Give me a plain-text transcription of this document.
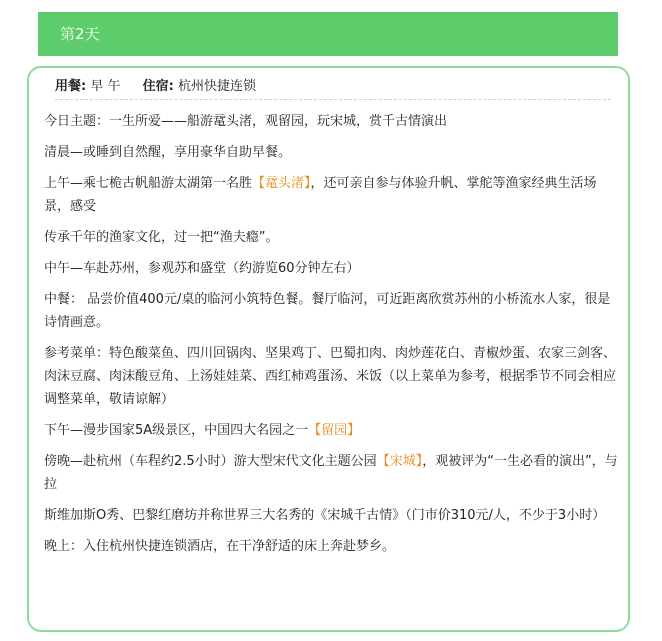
第2天
用餐: 早 午 住宿: 杭州快捷连锁

今日主题：一生所爱——船游鼋头渚，观留园，玩宋城，赏千古情演出

清晨—或睡到自然醒，享用豪华自助早餐。

上午—乘七桅古帆船游太湖第一名胜【鼋头渚】，还可亲自参与体验升帆、掌舵等渔家经典生活场景，感受

传承千年的渔家文化，过一把“渔夫瘾”。

中午—车赴苏州，参观苏和盛堂（约游览60分钟左右）

中餐： 品尝价值400元/桌的临河小筑特色餐。餐厅临河，可近距离欣赏苏州的小桥流水人家，很是诗情画意。

参考菜单：特色酸菜鱼、四川回锅肉、坚果鸡丁、巴蜀扣肉、肉炒莲花白、青椒炒蛋、农家三剑客、肉沫豆腐、肉沫酸豆角、上汤娃娃菜、西红柿鸡蛋汤、米饭（以上菜单为参考，根据季节不同会相应调整菜单，敬请谅解）

下午—漫步国家5A级景区，中国四大名园之一【留园】

傍晚—赴杭州（车程约2.5小时）游大型宋代文化主题公园【宋城】，观被评为“一生必看的演出”，与拉

斯维加斯O秀、巴黎红磨坊并称世界三大名秀的《宋城千古情》（门市价310元/人，不少于3小时）

晚上：入住杭州快捷连锁酒店，在干净舒适的床上奔赴梦乡。
